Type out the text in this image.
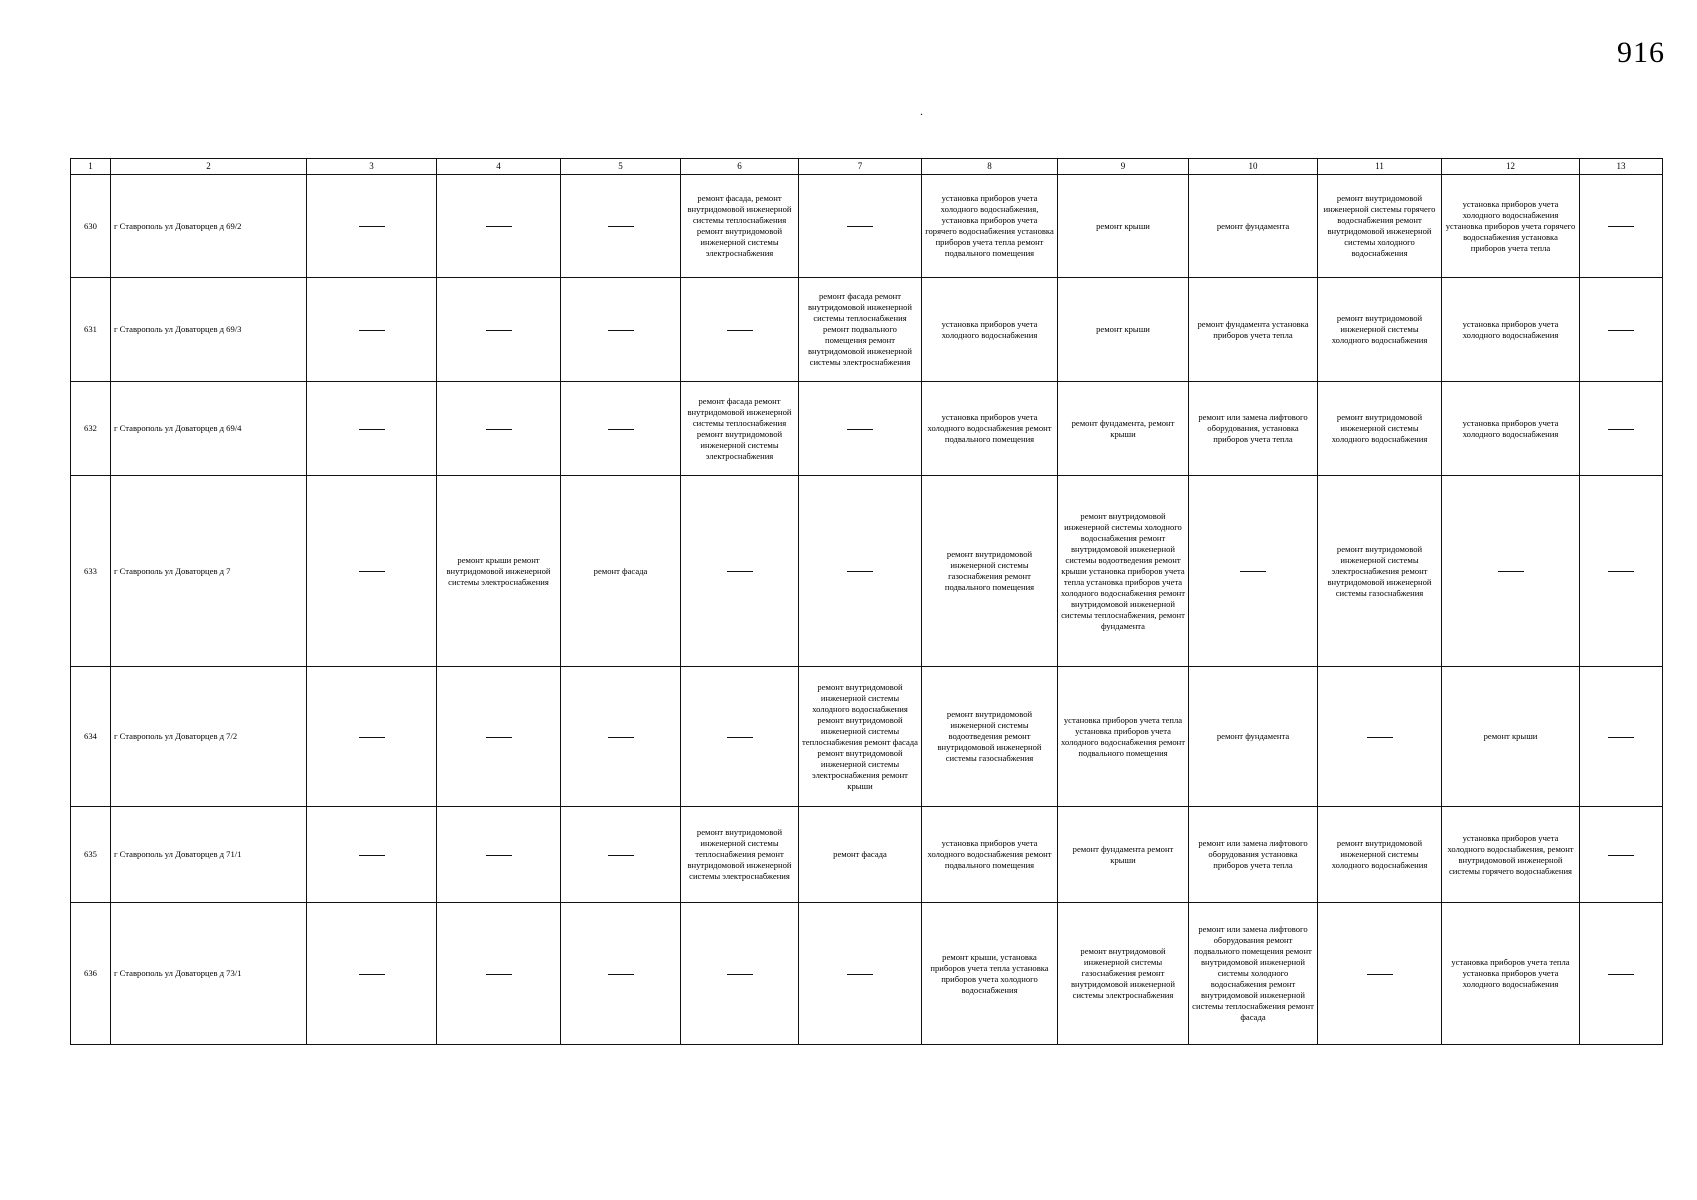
916
.
1	2	3	4	5	6	7	8	9	10	11	12	13
630	г Ставрополь ул Доваторцев д 69/2				ремонт фасада, ремонт внутридомовой инженерной системы теплоснабжения ремонт внутридомовой инженерной системы электроснабжения		установка приборов учета холодного водоснабжения, установка приборов учета горячего водоснабжения установка приборов учета тепла ремонт подвального помещения	ремонт крыши	ремонт фундамента	ремонт внутридомовой инженерной системы горячего водоснабжения ремонт внутридомовой инженерной системы холодного водоснабжения	установка приборов учета холодного водоснабжения установка приборов учета горячего водоснабжения установка приборов учета тепла	
631	г Ставрополь ул Доваторцев д 69/3					ремонт фасада ремонт внутридомовой инженерной системы теплоснабжения ремонт подвального помещения ремонт внутридомовой инженерной системы электроснабжения	установка приборов учета холодного водоснабжения	ремонт крыши	ремонт фундамента установка приборов учета тепла	ремонт внутридомовой инженерной системы холодного водоснабжения	установка приборов учета холодного водоснабжения	
632	г Ставрополь ул Доваторцев д 69/4				ремонт фасада ремонт внутридомовой инженерной системы теплоснабжения ремонт внутридомовой инженерной системы электроснабжения		установка приборов учета холодного водоснабжения ремонт подвального помещения	ремонт фундамента, ремонт крыши	ремонт или замена лифтового оборудования, установка приборов учета тепла	ремонт внутридомовой инженерной системы холодного водоснабжения	установка приборов учета холодного водоснабжения	
633	г Ставрополь ул Доваторцев д 7		ремонт крыши ремонт внутридомовой инженерной системы электроснабжения	ремонт фасада			ремонт внутридомовой инженерной системы газоснабжения ремонт подвального помещения	ремонт внутридомовой инженерной системы холодного водоснабжения ремонт внутридомовой инженерной системы водоотведения ремонт крыши установка приборов учета тепла установка приборов учета холодного водоснабжения ремонт внутридомовой инженерной системы теплоснабжения, ремонт фундамента		ремонт внутридомовой инженерной системы электроснабжения ремонт внутридомовой инженерной системы газоснабжения		
634	г Ставрополь ул Доваторцев д 7/2					ремонт внутридомовой инженерной системы холодного водоснабжения ремонт внутридомовой инженерной системы теплоснабжения ремонт фасада ремонт внутридомовой инженерной системы электроснабжения ремонт крыши	ремонт внутридомовой инженерной системы водоотведения ремонт внутридомовой инженерной системы газоснабжения	установка приборов учета тепла установка приборов учета холодного водоснабжения ремонт подвального помещения	ремонт фундамента		ремонт крыши	
635	г Ставрополь ул Доваторцев д 71/1				ремонт внутридомовой инженерной системы теплоснабжения ремонт внутридомовой инженерной системы электроснабжения	ремонт фасада	установка приборов учета холодного водоснабжения ремонт подвального помещения	ремонт фундамента ремонт крыши	ремонт или замена лифтового оборудования установка приборов учета тепла	ремонт внутридомовой инженерной системы холодного водоснабжения	установка приборов учета холодного водоснабжения, ремонт внутридомовой инженерной системы горячего водоснабжения	
636	г Ставрополь ул Доваторцев д 73/1						ремонт крыши, установка приборов учета тепла установка приборов учета холодного водоснабжения	ремонт внутридомовой инженерной системы газоснабжения ремонт внутридомовой инженерной системы электроснабжения	ремонт или замена лифтового оборудования ремонт подвального помещения ремонт внутридомовой инженерной системы холодного водоснабжения ремонт внутридомовой инженерной системы теплоснабжения ремонт фасада		установка приборов учета тепла установка приборов учета холодного водоснабжения	
